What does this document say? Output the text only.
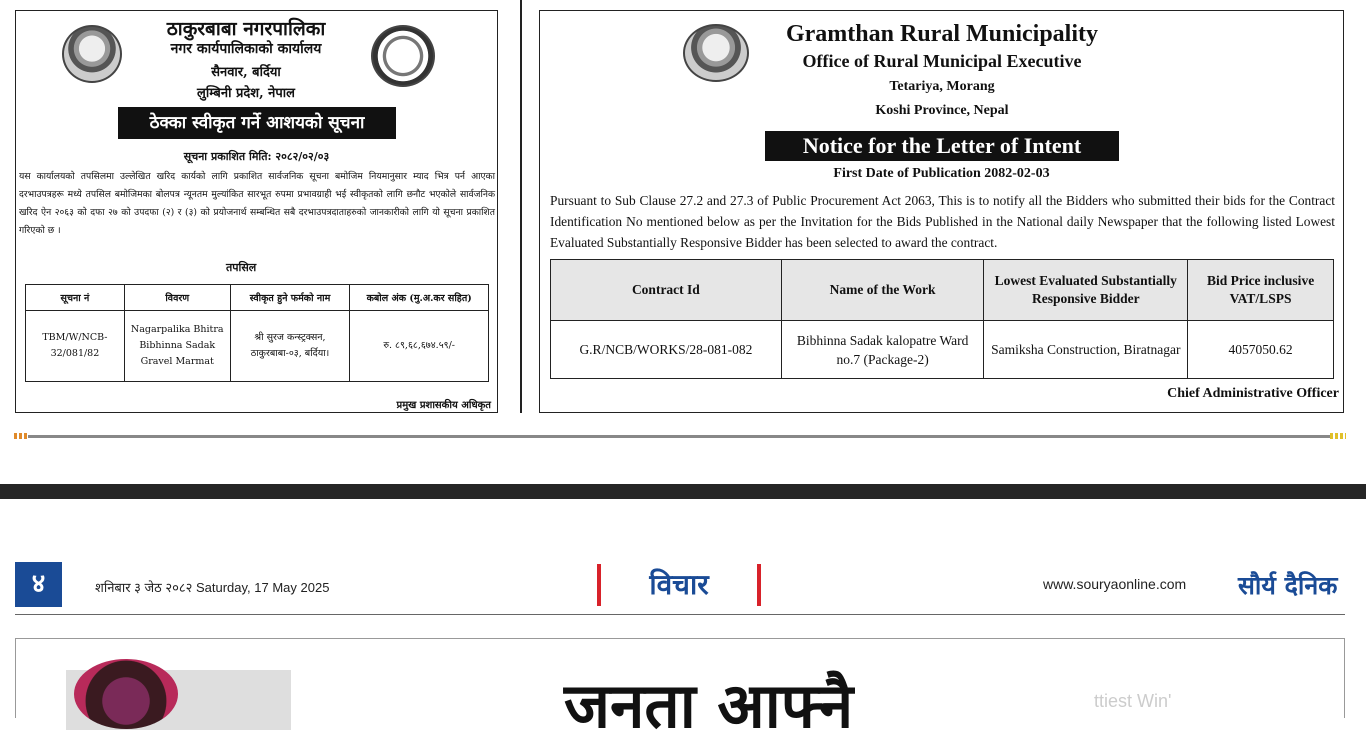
ठाकुरबाबा नगरपालिका
नगर कार्यपालिकाको कार्यालय
सैनवार, बर्दिया
लुम्बिनी प्रदेश, नेपाल
ठेक्का स्वीकृत गर्ने आशयको सूचना
सूचना प्रकाशित मिति: २०८२/०२/०३
यस कार्यालयको तपसिलमा उल्लेखित खरिद कार्यको लागि प्रकाशित सार्वजनिक सूचना बमोजिम नियमानुसार म्याद भित्र पर्न आएका दरभाउपत्रहरू मध्ये तपसिल बमोजिमका बोलपत्र न्यूनतम मुल्यांकित सारभूत रुपमा प्रभावग्राही भई स्वीकृतको लागि छनौट भएकोले सार्वजनिक खरिद ऐन २०६३ को दफा २७ को उपदफा (२) र (३) को प्रयोजनार्थ सम्बन्धित सबै दरभाउपत्रदाताहरुको जानकारीको लागि यो सूचना प्रकाशित गरिएको छ ।
तपसिल
सूचना नं	विवरण	स्वीकृत हुने फर्मको नाम	कबोल अंक (मु.अ.कर सहित)
TBM/W/NCB-32/081/82	Nagarpalika Bhitra Bibhinna Sadak Gravel Marmat	श्री सुरज कन्स्ट्रक्सन, ठाकुरबाबा-०३, बर्दिया।	रु. ८९,६८,६७४.५९/-
प्रमुख प्रशासकीय अधिकृत
Gramthan Rural Municipality
Office of Rural Municipal Executive
Tetariya, Morang
Koshi Province, Nepal
Notice for the Letter of Intent
First Date of Publication 2082-02-03
Pursuant to Sub Clause 27.2 and 27.3 of Public Procurement Act 2063, This is to notify all the Bidders who submitted their bids for the Contract Identification No mentioned below as per the Invitation for the Bids Published in the National daily Newspaper that the following listed Lowest Evaluated Substantially Responsive Bidder has been selected to award the contract.
Contract Id	Name of the Work	Lowest Evaluated Substantially Responsive Bidder	Bid Price inclusive VAT/LSPS
G.R/NCB/WORKS/28-081-082	Bibhinna Sadak kalopatre Ward no.7 (Package-2)	Samiksha Construction, Biratnagar	4057050.62
Chief Administrative Officer
४	शनिबार ३ जेठ २०८२ Saturday, 17 May 2025	विचार	www.souryaonline.com सौर्य दैनिक
जनता आफ्नै	ttiest Win'
